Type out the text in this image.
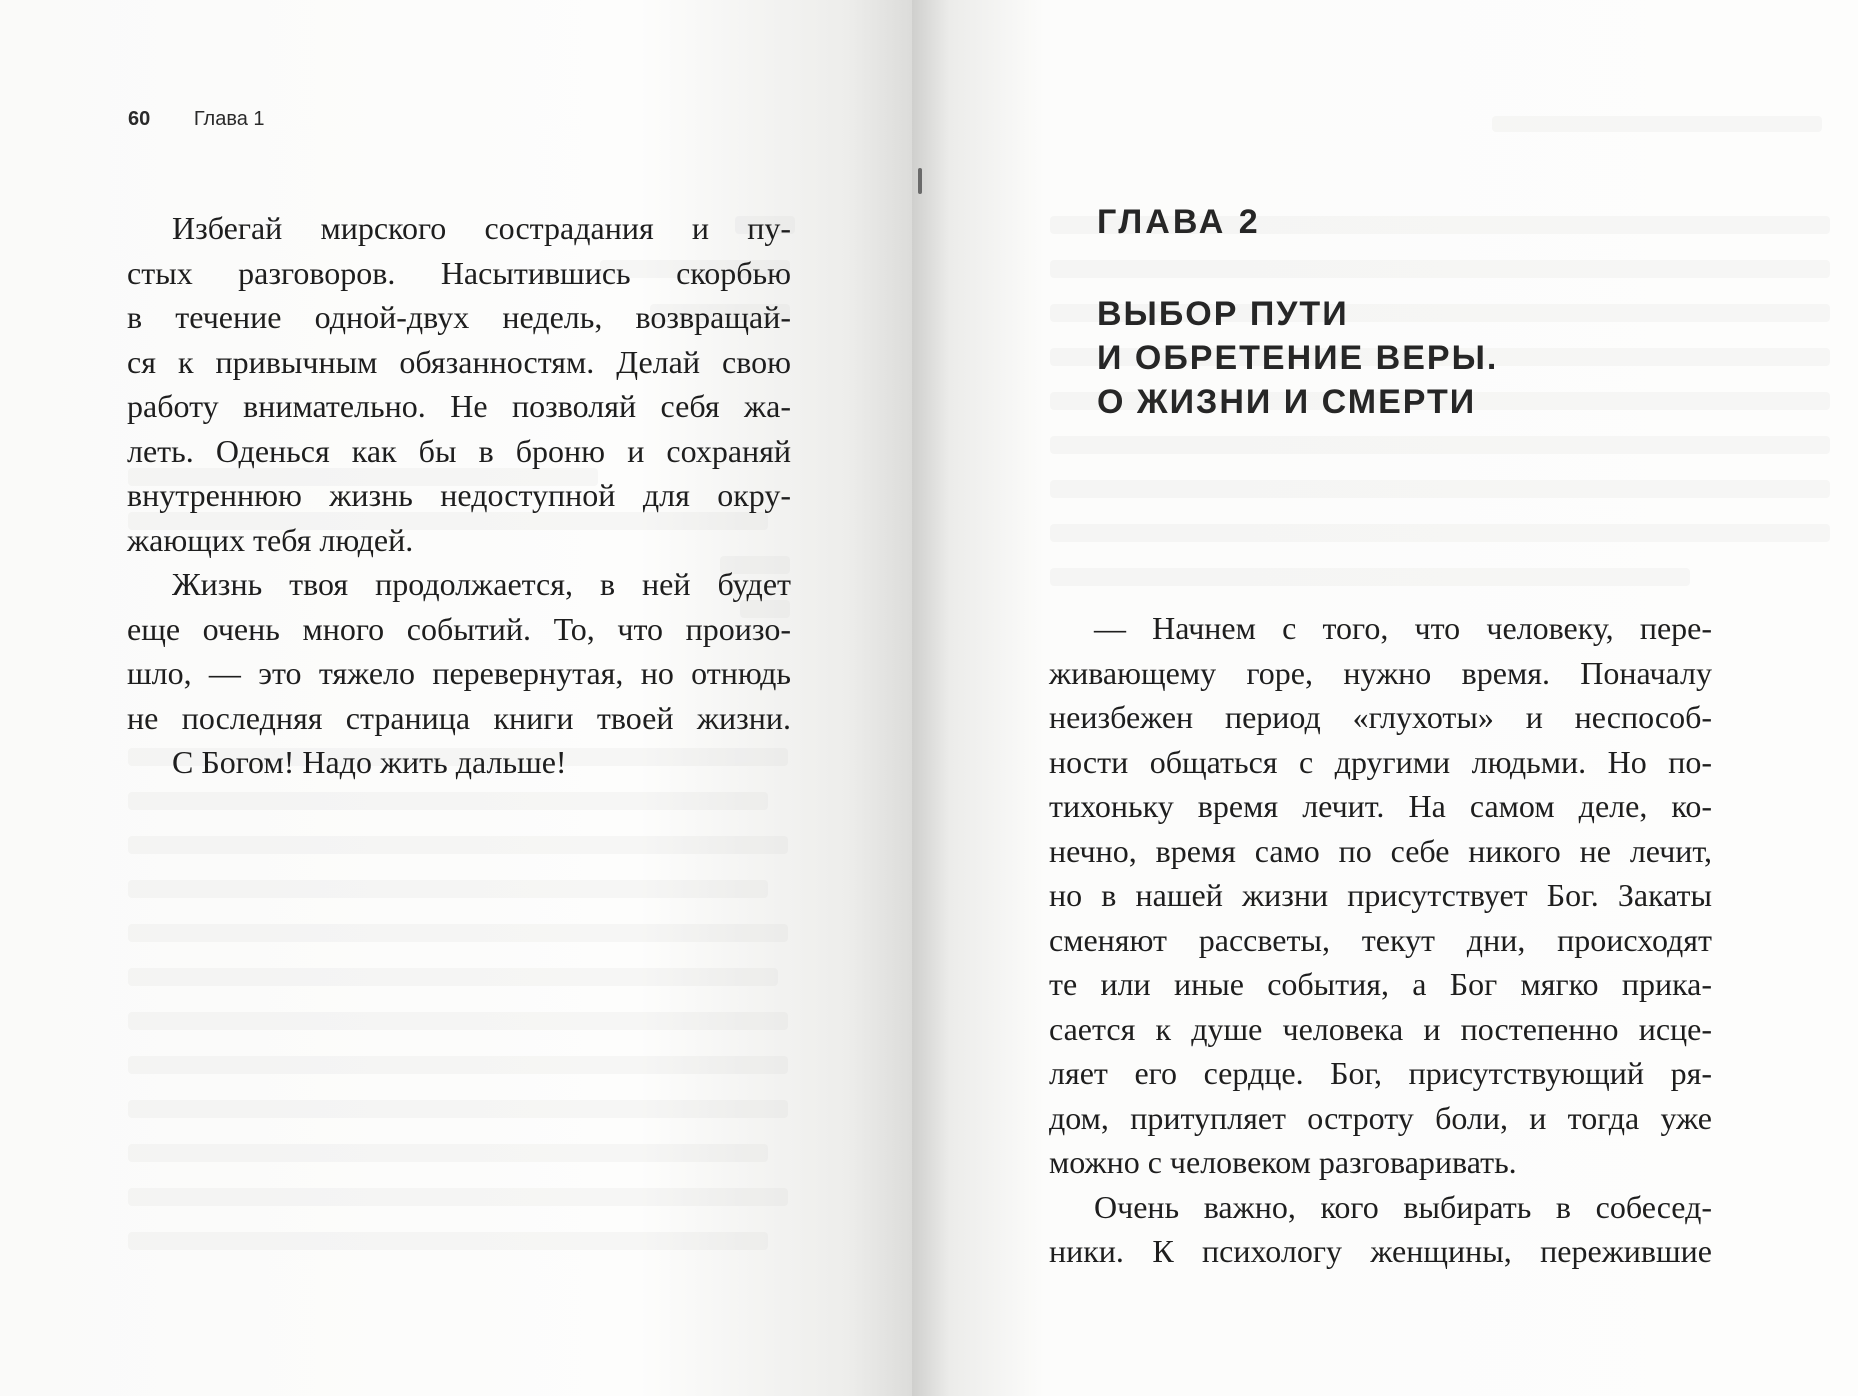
60 Глава 1
Избегай мирского сострадания и пу-
стых разговоров. Насытившись скорбью
в течение одной-двух недель, возвращай-
ся к привычным обязанностям. Делай свою
работу внимательно. Не позволяй себя жа-
леть. Оденься как бы в броню и сохраняй
внутреннюю жизнь недоступной для окру-
жающих тебя людей.
Жизнь твоя продолжается, в ней будет
еще очень много событий. То, что произо-
шло, — это тяжело перевернутая, но отнюдь
не последняя страница книги твоей жизни.
С Богом! Надо жить дальше!
ГЛАВА 2
ВЫБОР ПУТИ
И ОБРЕТЕНИЕ ВЕРЫ.
О ЖИЗНИ И СМЕРТИ
— Начнем с того, что человеку, пере-
живающему горе, нужно время. Поначалу
неизбежен период «глухоты» и неспособ-
ности общаться с другими людьми. Но по-
тихоньку время лечит. На самом деле, ко-
нечно, время само по себе никого не лечит,
но в нашей жизни присутствует Бог. Закаты
сменяют рассветы, текут дни, происходят
те или иные события, а Бог мягко прика-
сается к душе человека и постепенно исце-
ляет его сердце. Бог, присутствующий ря-
дом, притупляет остроту боли, и тогда уже
можно с человеком разговаривать.
Очень важно, кого выбирать в собесед-
ники. К психологу женщины, пережившие
